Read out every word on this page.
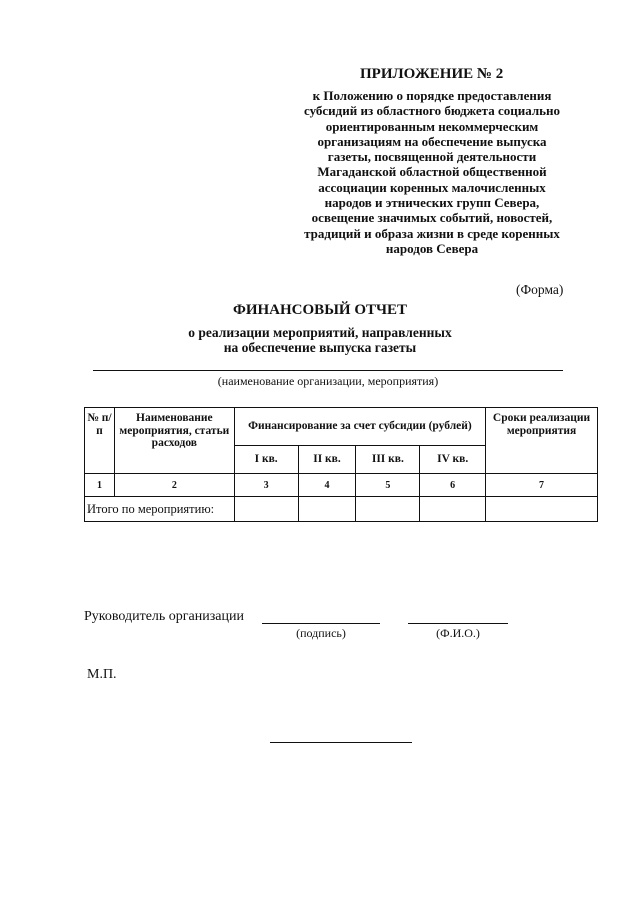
ПРИЛОЖЕНИЕ № 2
к Положению о порядке предоставления
субсидий из областного бюджета социально
ориентированным некоммерческим
организациям на обеспечение выпуска
газеты, посвященной деятельности
Магаданской областной общественной
ассоциации коренных малочисленных
народов и этнических групп Севера,
освещение значимых событий, новостей,
традиций и образа жизни в среде коренных
народов Севера
(Форма)
ФИНАНСОВЫЙ ОТЧЕТ
о реализации мероприятий, направленных
на обеспечение выпуска газеты
(наименование организации, мероприятия)
№ п/п	Наименование мероприятия, статьи расходов	Финансирование за счет субсидии (рублей)				Сроки реализации мероприятия
		I кв.	II кв.	III кв.	IV кв.	
1	2	3	4	5	6	7
Итого по мероприятию:						
Руководитель организации
(подпись)	(Ф.И.О.)
М.П.
